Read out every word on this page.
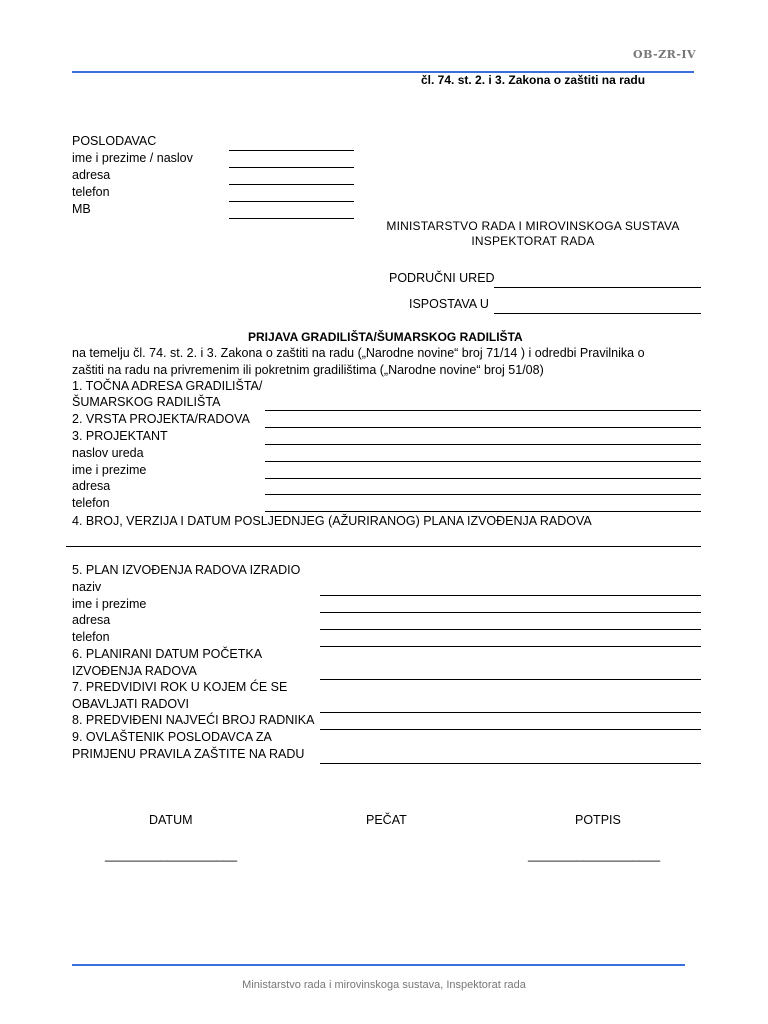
OB-ZR-IV
čl. 74. st. 2. i 3. Zakona o zaštiti na radu
POSLODAVAC
ime i prezime / naslov
adresa
telefon
MB
MINISTARSTVO RADA I MIROVINSKOGA SUSTAVA
INSPEKTORAT RADA
PODRUČNI URED
ISPOSTAVA U
PRIJAVA GRADILIŠTA/ŠUMARSKOG RADILIŠTA
na temelju čl. 74. st. 2. i 3. Zakona o zaštiti na radu („Narodne novine“ broj 71/14 ) i odredbi Pravilnika o
zaštiti na radu na privremenim ili pokretnim gradilištima („Narodne novine“ broj 51/08)
1. TOČNA ADRESA GRADILIŠTA/
ŠUMARSKOG RADILIŠTA
2. VRSTA PROJEKTA/RADOVA
3. PROJEKTANT
naslov ureda
ime i prezime
adresa
telefon
4. BROJ, VERZIJA I DATUM POSLJEDNJEG (AŽURIRANOG) PLANA IZVOĐENJA RADOVA
5. PLAN IZVOĐENJA RADOVA IZRADIO
naziv
ime i prezime
adresa
telefon
6. PLANIRANI DATUM POČETKA
IZVOĐENJA RADOVA
7. PREDVIDIVI ROK U KOJEM ĆE SE
OBAVLJATI RADOVI
8. PREDVIĐENI NAJVEĆI BROJ RADNIKA
9. OVLAŠTENIK POSLODAVCA ZA
PRIMJENU PRAVILA ZAŠTITE NA RADU
DATUM	PEČAT	POTPIS
___________________	___________________
Ministarstvo rada i mirovinskoga sustava, Inspektorat rada
